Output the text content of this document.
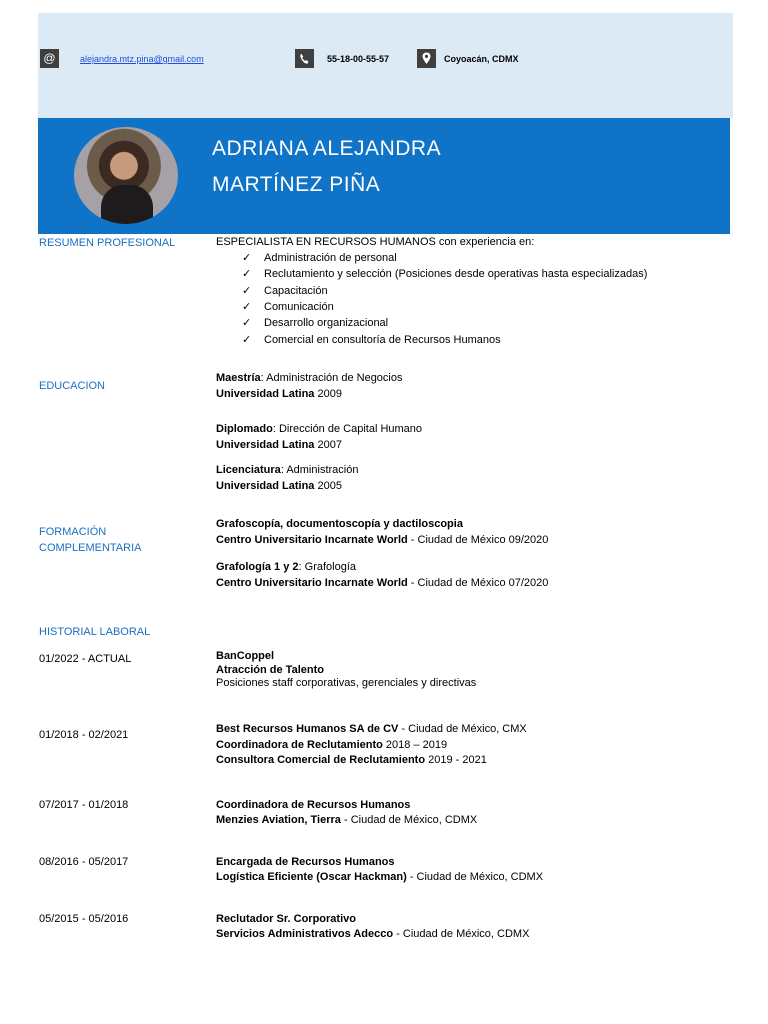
@	alejandra.mtz.pina@gmail.com	55-18-00-55-57	Coyoacán, CDMX
ADRIANA ALEJANDRA
MARTÍNEZ PIÑA
RESUMEN PROFESIONAL	ESPECIALISTA EN RECURSOS HUMANOS con experiencia en:
✓ Administración de personal
✓ Reclutamiento y selección (Posiciones desde operativas hasta especializadas)
✓ Capacitación
✓ Comunicación
✓ Desarrollo organizacional
✓ Comercial en consultoría de Recursos Humanos
EDUCACION
Maestría: Administración de Negocios
Universidad Latina 2009
Diplomado: Dirección de Capital Humano
Universidad Latina 2007
Licenciatura: Administración
Universidad Latina 2005
FORMACIÓN
COMPLEMENTARIA
Grafoscopía, documentoscopía y dactiloscopia
Centro Universitario Incarnate World - Ciudad de México 09/2020
Grafología 1 y 2: Grafología
Centro Universitario Incarnate World - Ciudad de México 07/2020
HISTORIAL LABORAL
01/2022 - ACTUAL	BanCoppel
Atracción de Talento
Posiciones staff corporativas, gerenciales y directivas
01/2018 - 02/2021	Best Recursos Humanos SA de CV - Ciudad de México, CMX
Coordinadora de Reclutamiento 2018 – 2019
Consultora Comercial de Reclutamiento 2019 - 2021
07/2017 - 01/2018	Coordinadora de Recursos Humanos
Menzies Aviation, Tierra - Ciudad de México, CDMX
08/2016 - 05/2017	Encargada de Recursos Humanos
Logística Eficiente (Oscar Hackman) - Ciudad de México, CDMX
05/2015 - 05/2016	Reclutador Sr. Corporativo
Servicios Administrativos Adecco - Ciudad de México, CDMX
